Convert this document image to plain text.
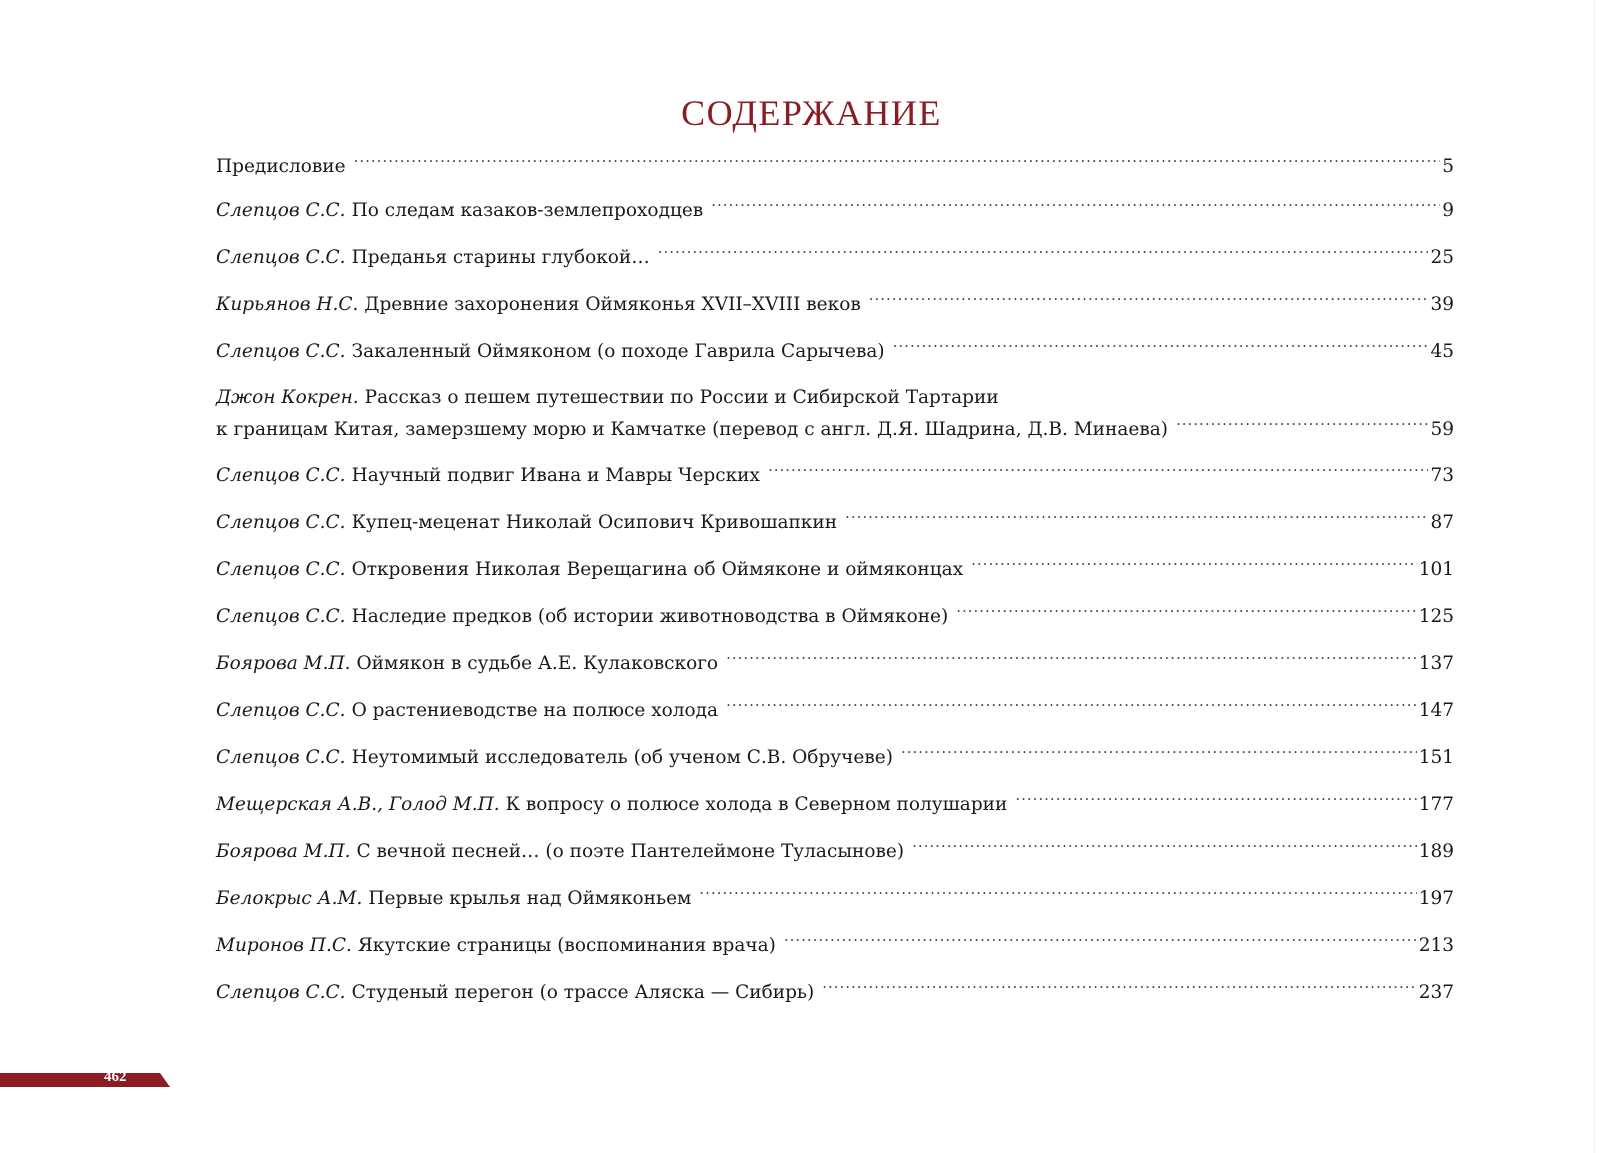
СОДЕРЖАНИЕ
Предисловие .....	5
Слепцов С.С. По следам казаков-землепроходцев .....	9
Слепцов С.С. Преданья старины глубокой… .....	25
Кирьянов Н.С. Древние захоронения Оймяконья XVII–XVIII веков .....	39
Слепцов С.С. Закаленный Оймяконом (о походе Гаврила Сарычева) .....	45
Джон Кокрен. Рассказ о пешем путешествии по России и Сибирской Тартарии
к границам Китая, замерзшему морю и Камчатке (перевод с англ. Д.Я. Шадрина, Д.В. Минаева) .....	59
Слепцов С.С. Научный подвиг Ивана и Мавры Черских .....	73
Слепцов С.С. Купец-меценат Николай Осипович Кривошапкин .....	87
Слепцов С.С. Откровения Николая Верещагина об Оймяконе и оймяконцах .....	101
Слепцов С.С. Наследие предков (об истории животноводства в Оймяконе) .....	125
Боярова М.П. Оймякон в судьбе А.Е. Кулаковского .....	137
Слепцов С.С. О растениеводстве на полюсе холода .....	147
Слепцов С.С. Неутомимый исследователь (об ученом С.В. Обручеве) .....	151
Мещерская А.В., Голод М.П. К вопросу о полюсе холода в Северном полушарии .....	177
Боярова М.П. С вечной песней… (о поэте Пантелеймоне Туласынове) .....	189
Белокрыс А.М. Первые крылья над Оймяконьем .....	197
Миронов П.С. Якутские страницы (воспоминания врача) .....	213
Слепцов С.С. Студеный перегон (о трассе Аляска — Сибирь) .....	237
462
